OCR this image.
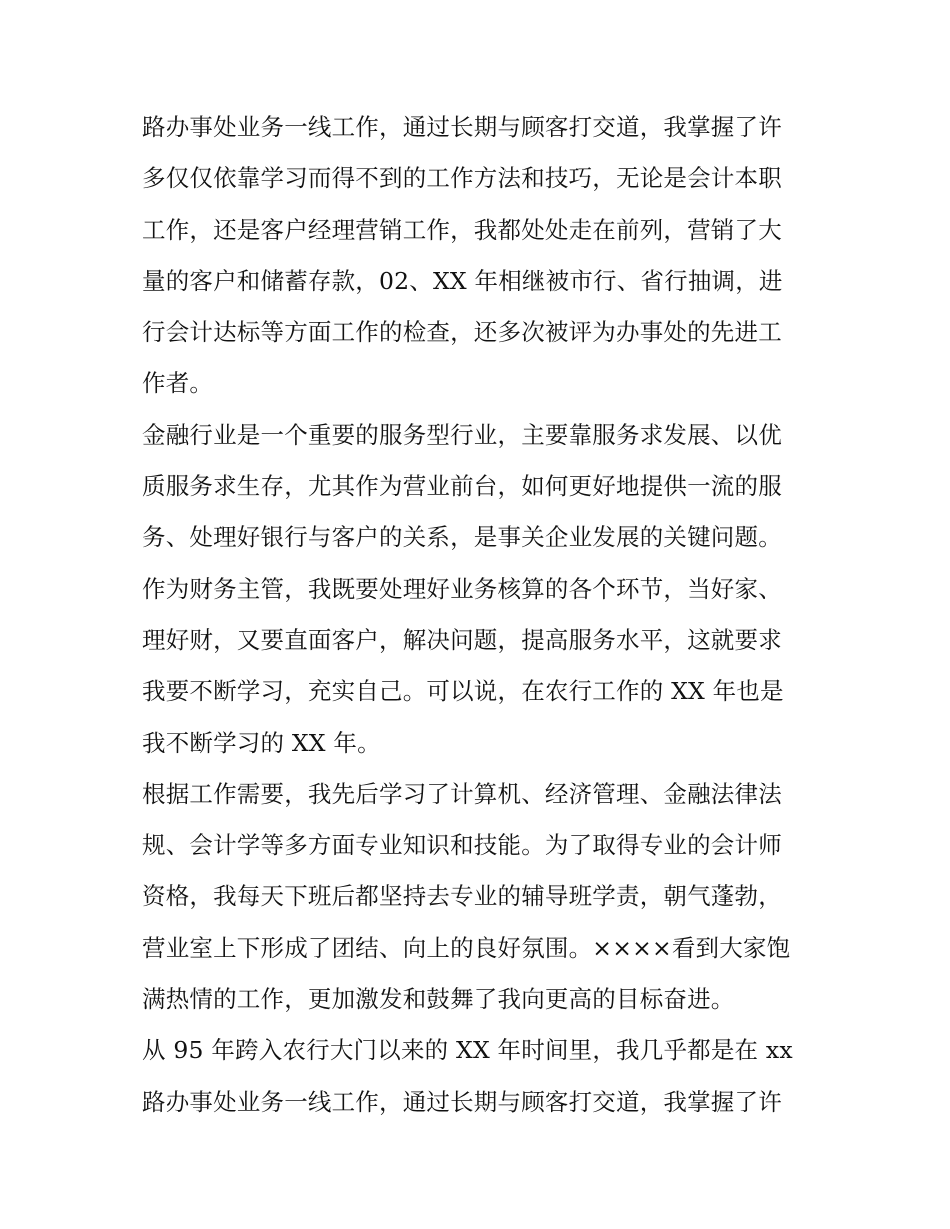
路办事处业务一线工作，通过长期与顾客打交道，我掌握了许
多仅仅依靠学习而得不到的工作方法和技巧，无论是会计本职
工作，还是客户经理营销工作，我都处处走在前列，营销了大
量的客户和储蓄存款，02、XX 年相继被市行、省行抽调，进
行会计达标等方面工作的检查，还多次被评为办事处的先进工
作者。
金融行业是一个重要的服务型行业，主要靠服务求发展、以优
质服务求生存，尤其作为营业前台，如何更好地提供一流的服
务、处理好银行与客户的关系，是事关企业发展的关键问题。
作为财务主管，我既要处理好业务核算的各个环节，当好家、
理好财，又要直面客户，解决问题，提高服务水平，这就要求
我要不断学习，充实自己。可以说，在农行工作的 XX 年也是
我不断学习的 XX 年。
根据工作需要，我先后学习了计算机、经济管理、金融法律法
规、会计学等多方面专业知识和技能。为了取得专业的会计师
资格，我每天下班后都坚持去专业的辅导班学责，朝气蓬勃，
营业室上下形成了团结、向上的良好氛围。××××看到大家饱
满热情的工作，更加激发和鼓舞了我向更高的目标奋进。
从 95 年跨入农行大门以来的 XX 年时间里，我几乎都是在 xx
路办事处业务一线工作，通过长期与顾客打交道，我掌握了许
